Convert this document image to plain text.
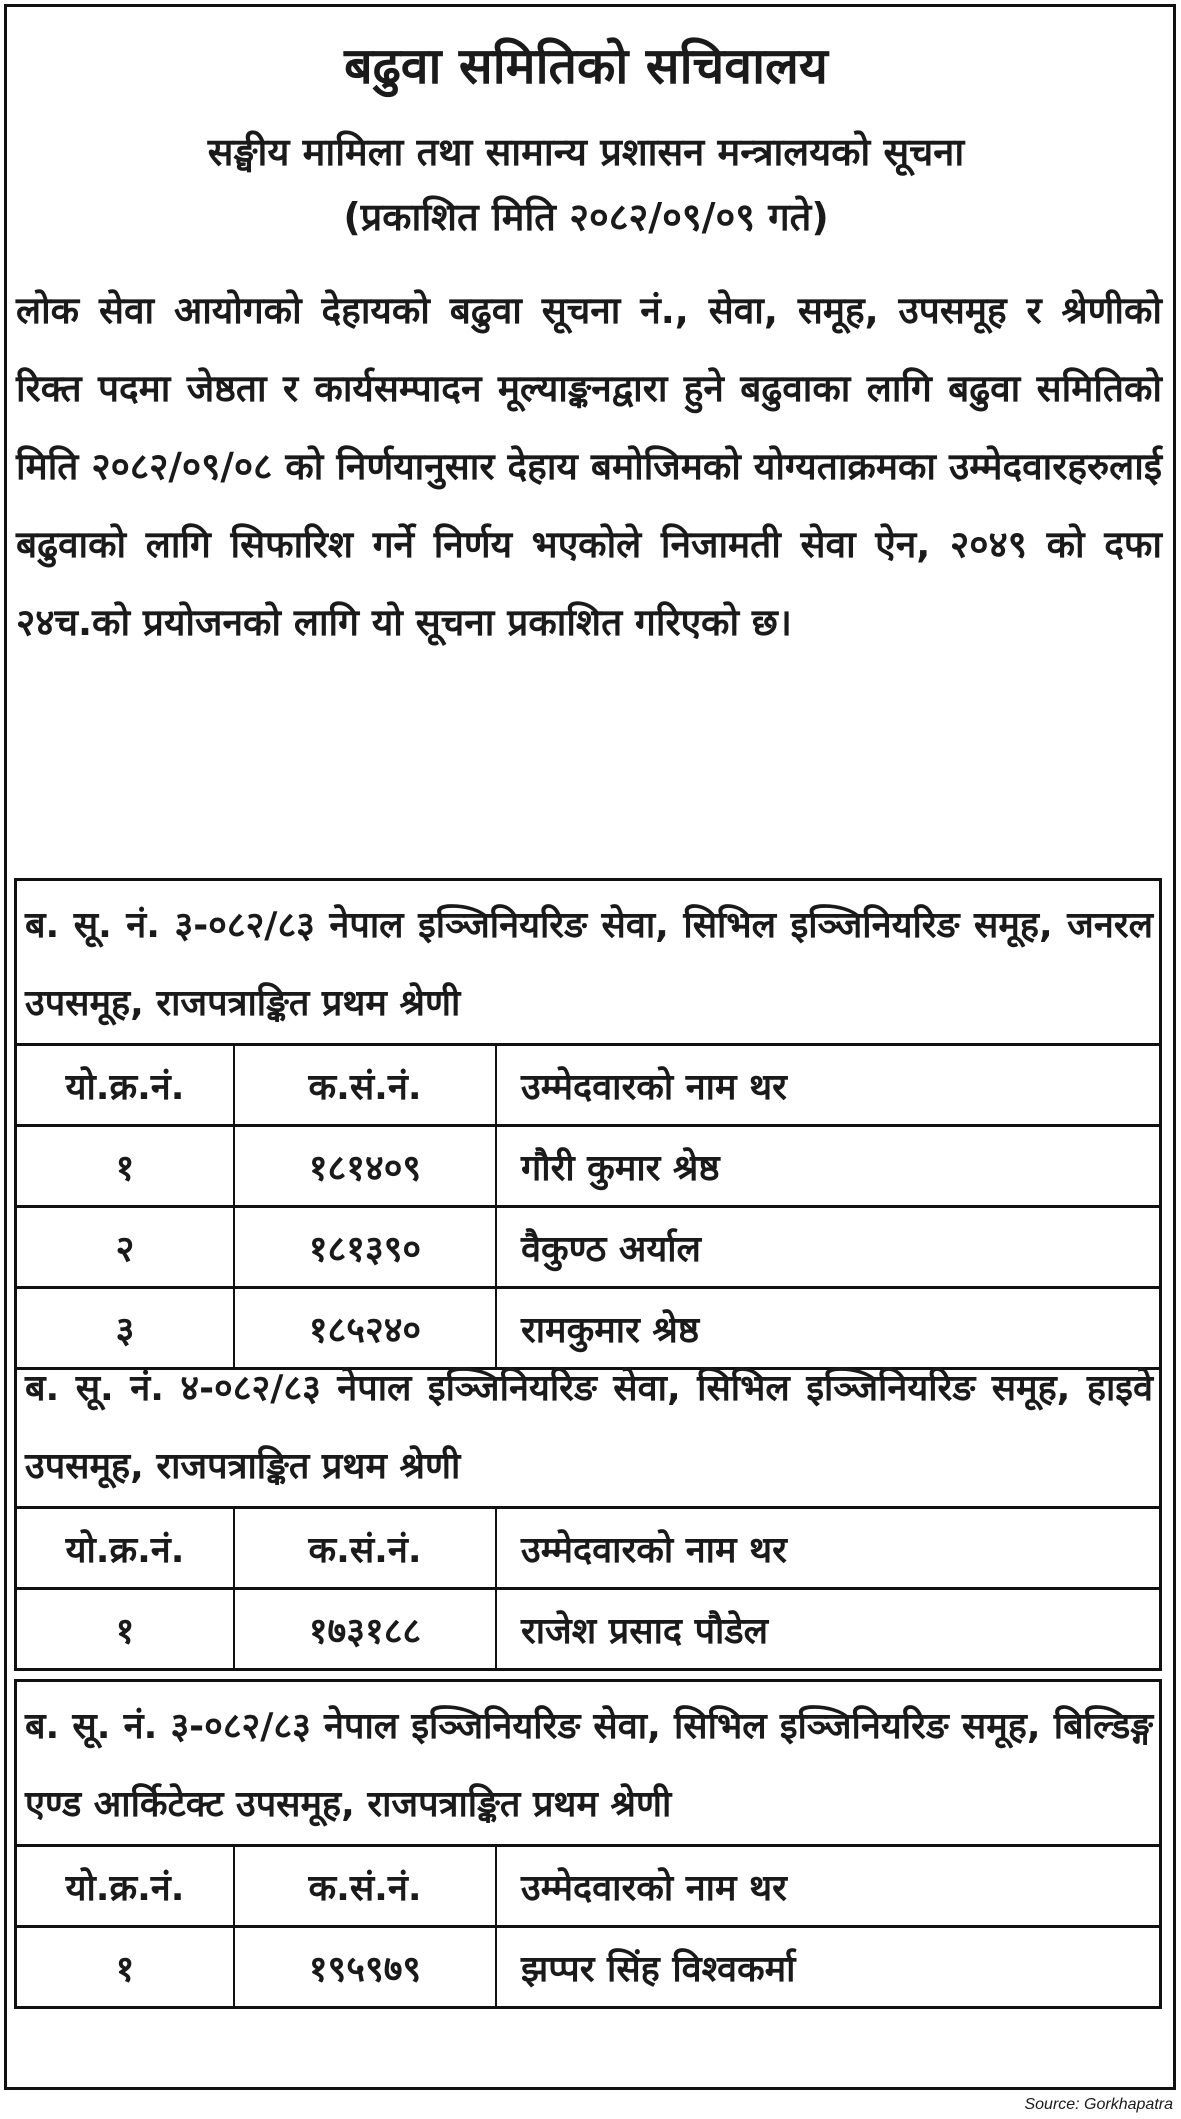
बढुवा समितिको सचिवालय
सङ्घीय मामिला तथा सामान्य प्रशासन मन्त्रालयको सूचना
(प्रकाशित मिति २०८२/०९/०९ गते)
लोक सेवा आयोगको देहायको बढुवा सूचना नं., सेवा, समूह, उपसमूह र श्रेणीको रिक्त पदमा जेष्ठता र कार्यसम्पादन मूल्याङ्कनद्वारा हुने बढुवाका लागि बढुवा समितिको मिति २०८२/०९/०८ को निर्णयानुसार देहाय बमोजिमको योग्यताक्रमका उम्मेदवारहरुलाई बढुवाको लागि सिफारिश गर्ने निर्णय भएकोले निजामती सेवा ऐन, २०४९ को दफा २४च.को प्रयोजनको लागि यो सूचना प्रकाशित गरिएको छ।
ब. सू. नं. ३-०८२/८३ नेपाल इञ्जिनियरिङ सेवा, सिभिल इञ्जिनियरिङ समूह, जनरल उपसमूह, राजपत्राङ्कित प्रथम श्रेणी
यो.क्र.नं.	क.सं.नं.	उम्मेदवारको नाम थर
१	१८१४०९	गौरी कुमार श्रेष्ठ
२	१८१३९०	वैकुण्ठ अर्याल
३	१८५२४०	रामकुमार श्रेष्ठ
ब. सू. नं. ४-०८२/८३ नेपाल इञ्जिनियरिङ सेवा, सिभिल इञ्जिनियरिङ समूह, हाइवे उपसमूह, राजपत्राङ्कित प्रथम श्रेणी
यो.क्र.नं.	क.सं.नं.	उम्मेदवारको नाम थर
१	१७३१८८	राजेश प्रसाद पौडेल
ब. सू. नं. ३-०८२/८३ नेपाल इञ्जिनियरिङ सेवा, सिभिल इञ्जिनियरिङ समूह, बिल्डिङ्ग एण्ड आर्किटेक्ट उपसमूह, राजपत्राङ्कित प्रथम श्रेणी
यो.क्र.नं.	क.सं.नं.	उम्मेदवारको नाम थर
१	१९५९७९	झप्पर सिंह विश्वकर्मा
Source: Gorkhapatra
